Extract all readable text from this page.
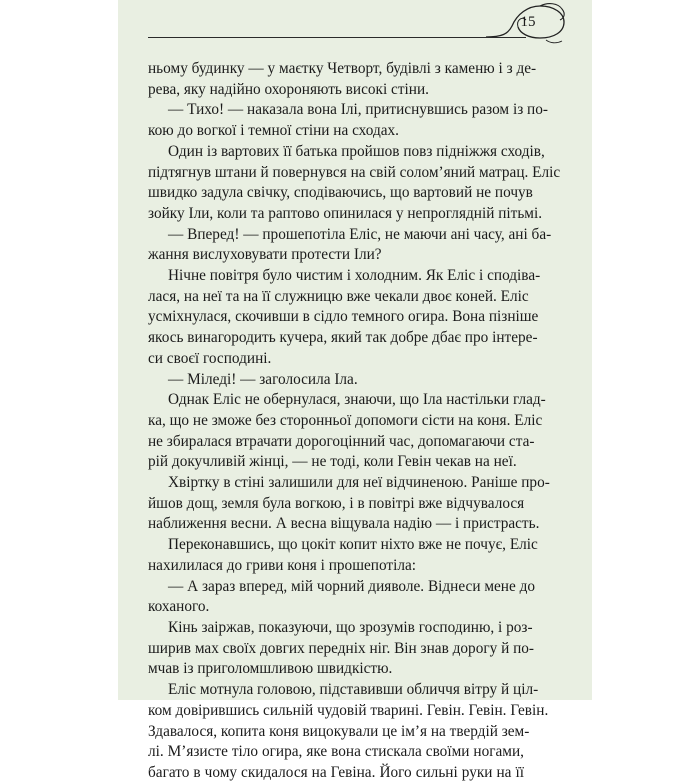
15
ньому будинку — у маєтку Четворт, будівлі з каменю і з де-
рева, яку надійно охороняють високі стіни.
— Тихо! — наказала вона Ілі, притиснувшись разом із по-
кою до вогкої і темної стіни на сходах.
Один із вартових її батька пройшов повз підніжжя сходів,
підтягнув штани й повернувся на свій солом’яний матрац. Еліс
швидко задула свічку, сподіваючись, що вартовий не почув
зойку Іли, коли та раптово опинилася у непроглядній пітьмі.
— Вперед! — прошепотіла Еліс, не маючи ані часу, ані ба-
жання вислуховувати протести Іли?
Нічне повітря було чистим і холодним. Як Еліс і сподіва-
лася, на неї та на її служницю вже чекали двоє коней. Еліс
усміхнулася, скочивши в сідло темного огира. Вона пізніше
якось винагородить кучера, який так добре дбає про інтере-
си своєї господині.
— Міледі! — заголосила Іла.
Однак Еліс не обернулася, знаючи, що Іла настільки глад-
ка, що не зможе без сторонньої допомоги сісти на коня. Еліс
не збиралася втрачати дорогоцінний час, допомагаючи ста-
рій докучливій жінці, — не тоді, коли Гевін чекав на неї.
Хвіртку в стіні залишили для неї відчиненою. Раніше про-
йшов дощ, земля була вогкою, і в повітрі вже відчувалося
наближення весни. А весна віщувала надію — і пристрасть.
Переконавшись, що цокіт копит ніхто вже не почує, Еліс
нахилилася до гриви коня і прошепотіла:
— А зараз вперед, мій чорний дияволе. Віднеси мене до
коханого.
Кінь заіржав, показуючи, що зрозумів господиню, і роз-
ширив мах своїх довгих передніх ніг. Він знав дорогу й по-
мчав із приголомшливою швидкістю.
Еліс мотнула головою, підставивши обличчя вітру й ціл-
ком довірившись сильній чудовій тварині. Гевін. Гевін. Гевін.
Здавалося, копита коня вицокували це ім’я на твердій зем-
лі. М’язисте тіло огира, яке вона стискала своїми ногами,
багато в чому скидалося на Гевіна. Його сильні руки на її
